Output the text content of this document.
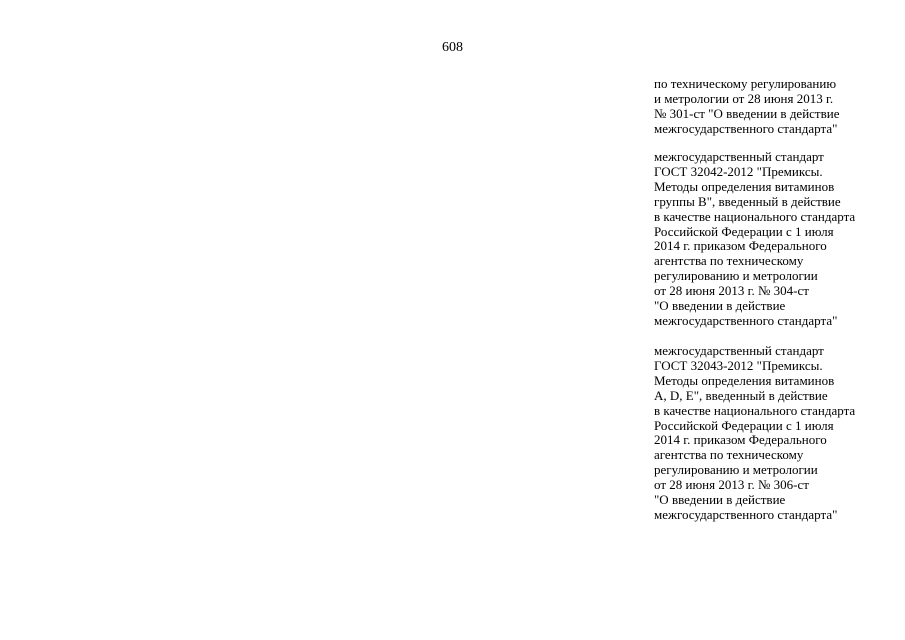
608
по техническому регулированию
и метрологии от 28 июня 2013 г.
№ 301-ст "О введении в действие
межгосударственного стандарта"
межгосударственный стандарт
ГОСТ 32042-2012 "Премиксы.
Методы определения витаминов
группы В", введенный в действие
в качестве национального стандарта
Российской Федерации с 1 июля
2014 г. приказом Федерального
агентства по техническому
регулированию и метрологии
от 28 июня 2013 г. № 304-ст
"О введении в действие
межгосударственного стандарта"
межгосударственный стандарт
ГОСТ 32043-2012 "Премиксы.
Методы определения витаминов
A, D, E", введенный в действие
в качестве национального стандарта
Российской Федерации с 1 июля
2014 г. приказом Федерального
агентства по техническому
регулированию и метрологии
от 28 июня 2013 г. № 306-ст
"О введении в действие
межгосударственного стандарта"
